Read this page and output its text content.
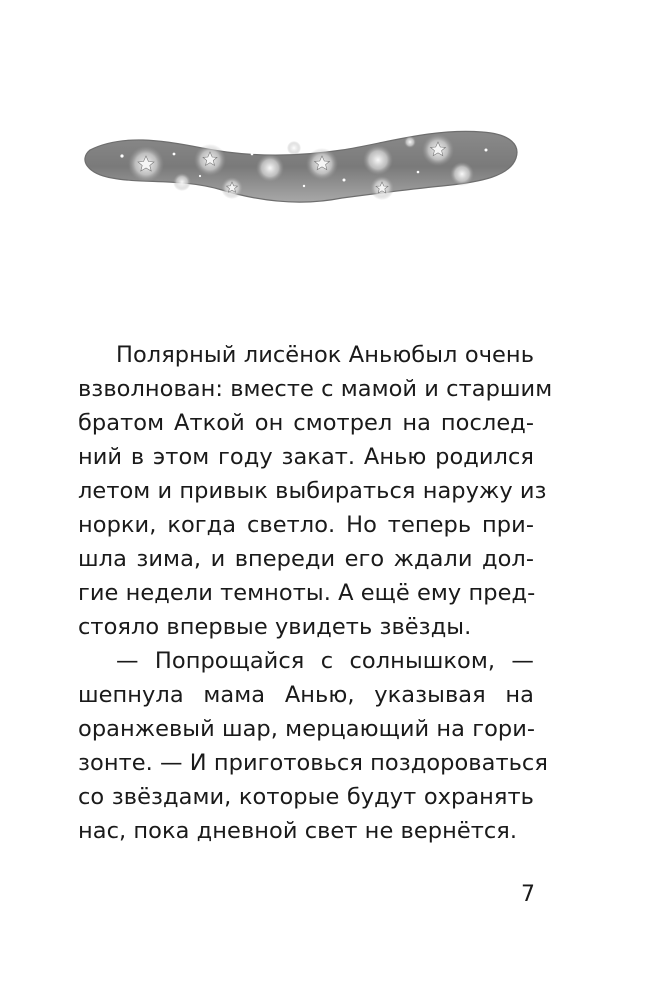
Полярный лисёнок Аньюбыл очень
взволнован: вместе с мамой и старшим
братом Аткой он смотрел на послед-
ний в этом году закат. Анью родился
летом и привык выбираться наружу из
норки, когда светло. Но теперь при-
шла зима, и впереди его ждали дол-
гие недели темноты. А ещё ему пред-
стояло впервые увидеть звёзды.
— Попрощайся с солнышком, —
шепнула мама Анью, указывая на
оранжевый шар, мерцающий на гори-
зонте. — И приготовься поздороваться
со звёздами, которые будут охранять
нас, пока дневной свет не вернётся.
7
